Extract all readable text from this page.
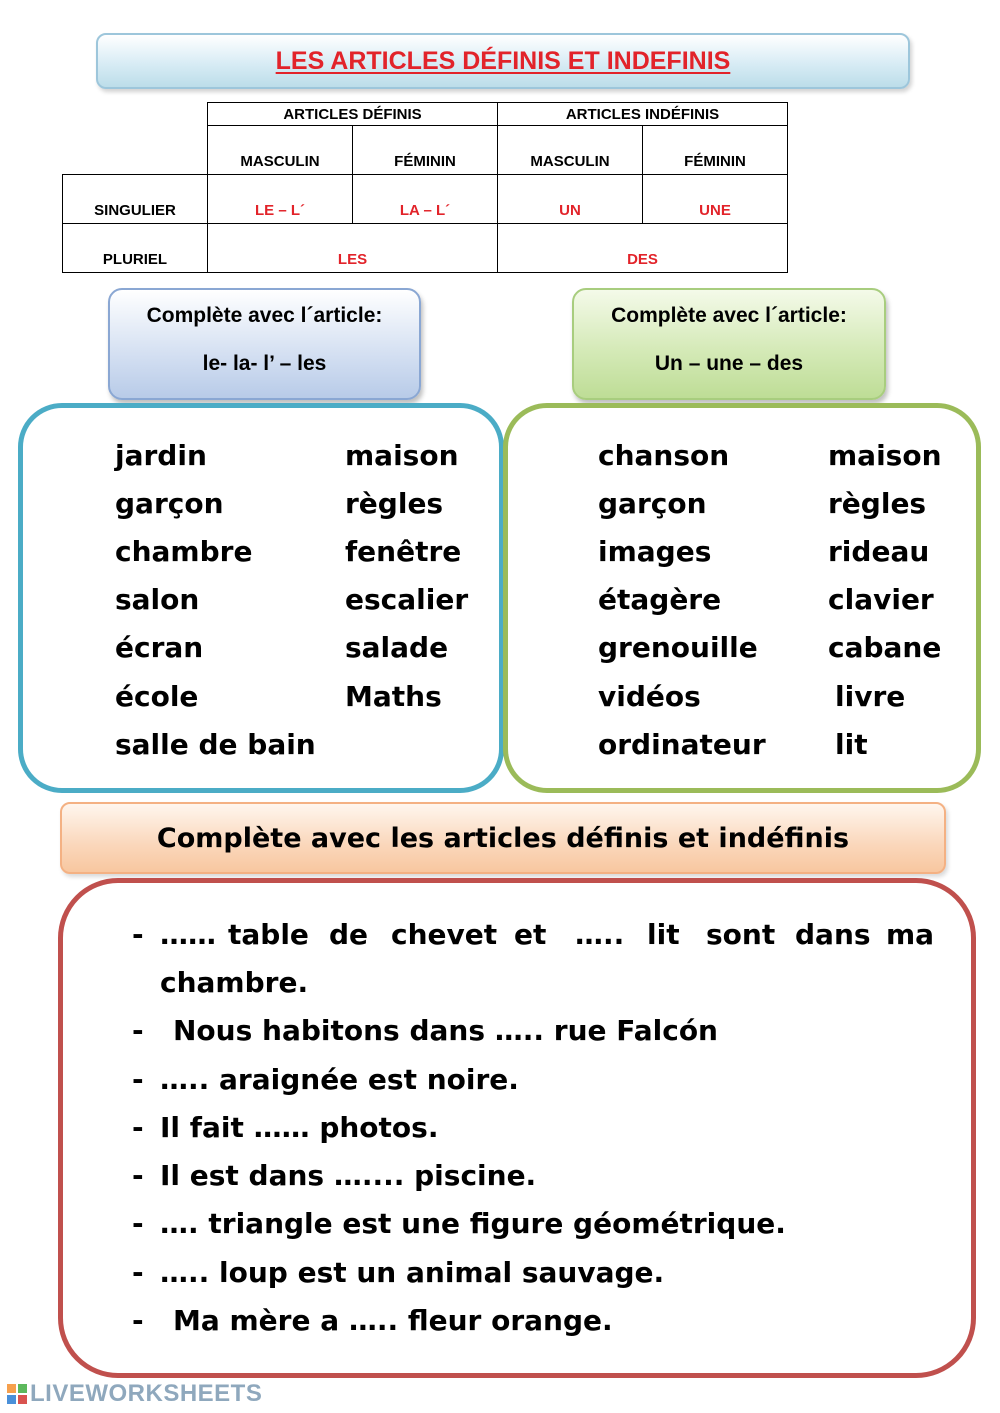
LES ARTICLES DÉFINIS ET INDEFINIS
	ARTICLES DÉFINIS		ARTICLES INDÉFINIS	
	MASCULIN	FÉMININ	MASCULIN	FÉMININ
SINGULIER	LE – L´	LA – L´	UN	UNE
PLURIEL	LES		DES	
Complète avec l´article:
le- la- l’ – les
Complète avec l´article:
Un – une – des
jardin
garçon
chambre
salon
écran
école
salle de bain
maison
règles
fenêtre
escalier
salade
Maths
chanson
garçon
images
étagère
grenouille
vidéos
ordinateur
maison
règles
rideau
clavier
cabane
livre
lit
Complète avec les articles définis et indéfinis
- …… table de chevet et ….. lit sont dans ma
chambre.
- Nous habitons dans ….. rue Falcón
- ….. araignée est noire.
- Il fait …… photos.
- Il est dans ….... piscine.
- …. triangle est une figure géométrique.
- ….. loup est un animal sauvage.
- Ma mère a ….. fleur orange.
LIVEWORKSHEETS
